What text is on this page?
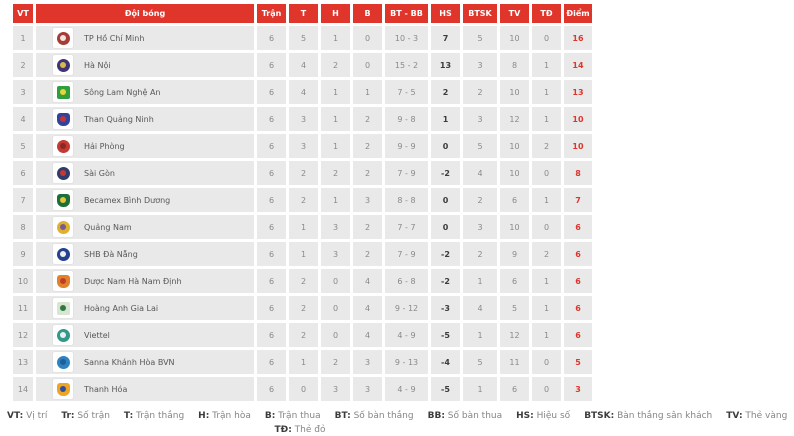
VT	Đội bóng	Trận	T	H	B	BT - BB	HS	BTSK	TV	TĐ	Điểm
1	TP Hồ Chí Minh	6	5	1	0	10 - 3	7	5	10	0	16
2	Hà Nội	6	4	2	0	15 - 2	13	3	8	1	14
3	Sông Lam Nghệ An	6	4	1	1	7 - 5	2	2	10	1	13
4	Than Quảng Ninh	6	3	1	2	9 - 8	1	3	12	1	10
5	Hải Phòng	6	3	1	2	9 - 9	0	5	10	2	10
6	Sài Gòn	6	2	2	2	7 - 9	-2	4	10	0	8
7	Becamex Bình Dương	6	2	1	3	8 - 8	0	2	6	1	7
8	Quảng Nam	6	1	3	2	7 - 7	0	3	10	0	6
9	SHB Đà Nẵng	6	1	3	2	7 - 9	-2	2	9	2	6
10	Dược Nam Hà Nam Định	6	2	0	4	6 - 8	-2	1	6	1	6
11	Hoàng Anh Gia Lai	6	2	0	4	9 - 12	-3	4	5	1	6
12	Viettel	6	2	0	4	4 - 9	-5	1	12	1	6
13	Sanna Khánh Hòa BVN	6	1	2	3	9 - 13	-4	5	11	0	5
14	Thanh Hóa	6	0	3	3	4 - 9	-5	1	6	0	3
VT: Vị trí Tr: Số trận T: Trận thắng H: Trận hòa B: Trận thua BT: Số bàn thắng BB: Số bàn thua HS: Hiệu số BTSK: Bàn thắng sân khách TV: Thẻ vàng
TĐ: Thẻ đỏ
